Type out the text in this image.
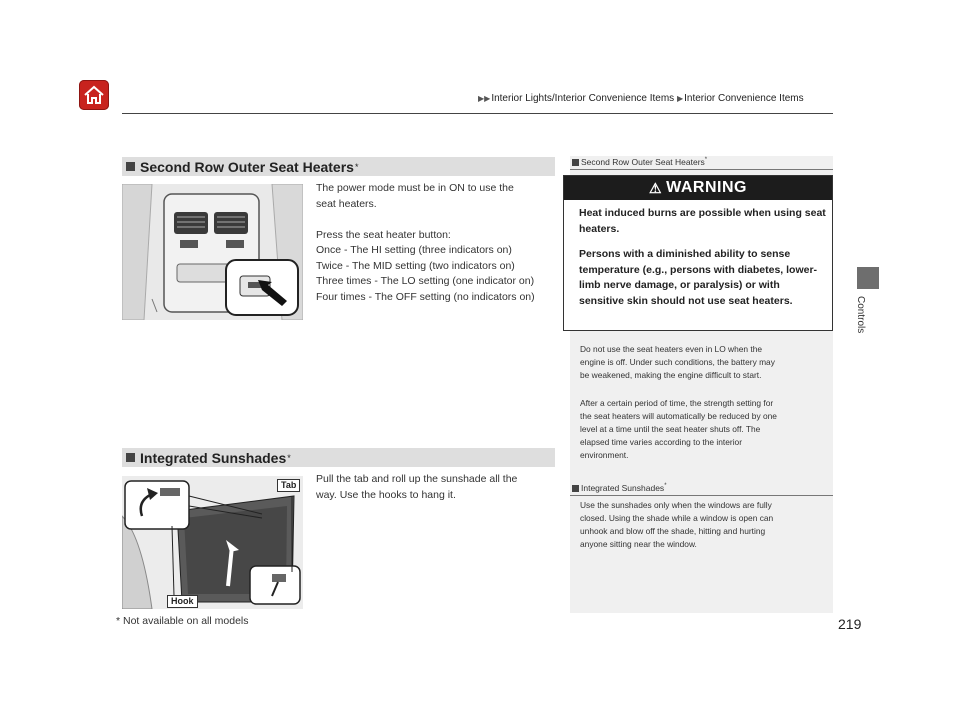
▶▶Interior Lights/Interior Convenience Items ▶Interior Convenience Items
Controls
Second Row Outer Seat Heaters *

The power mode must be in ON to use the

seat heaters.

Press the seat heater button:

Once - The HI setting (three indicators on)

Twice - The MID setting (two indicators on)

Three times - The LO setting (one indicator on)

Four times - The OFF setting (no indicators on)

Integrated Sunshades *
Tab
Hook

Pull the tab and roll up the sunshade all the

way. Use the hooks to hang it.

Second Row Outer Seat Heaters*
⚠ WARNING

Heat induced burns are possible when using seat heaters.

Persons with a diminished ability to sense temperature (e.g., persons with diabetes, lower-limb nerve damage, or paralysis) or with sensitive skin should not use seat heaters.

Do not use the seat heaters even in LO when the

engine is off. Under such conditions, the battery may

be weakened, making the engine difficult to start.

After a certain period of time, the strength setting for

the seat heaters will automatically be reduced by one

level at a time until the seat heater shuts off. The

elapsed time varies according to the interior

environment.

Integrated Sunshades*

Use the sunshades only when the windows are fully

closed. Using the shade while a window is open can

unhook and blow off the shade, hitting and hurting

anyone sitting near the window.

* Not available on all models	219
